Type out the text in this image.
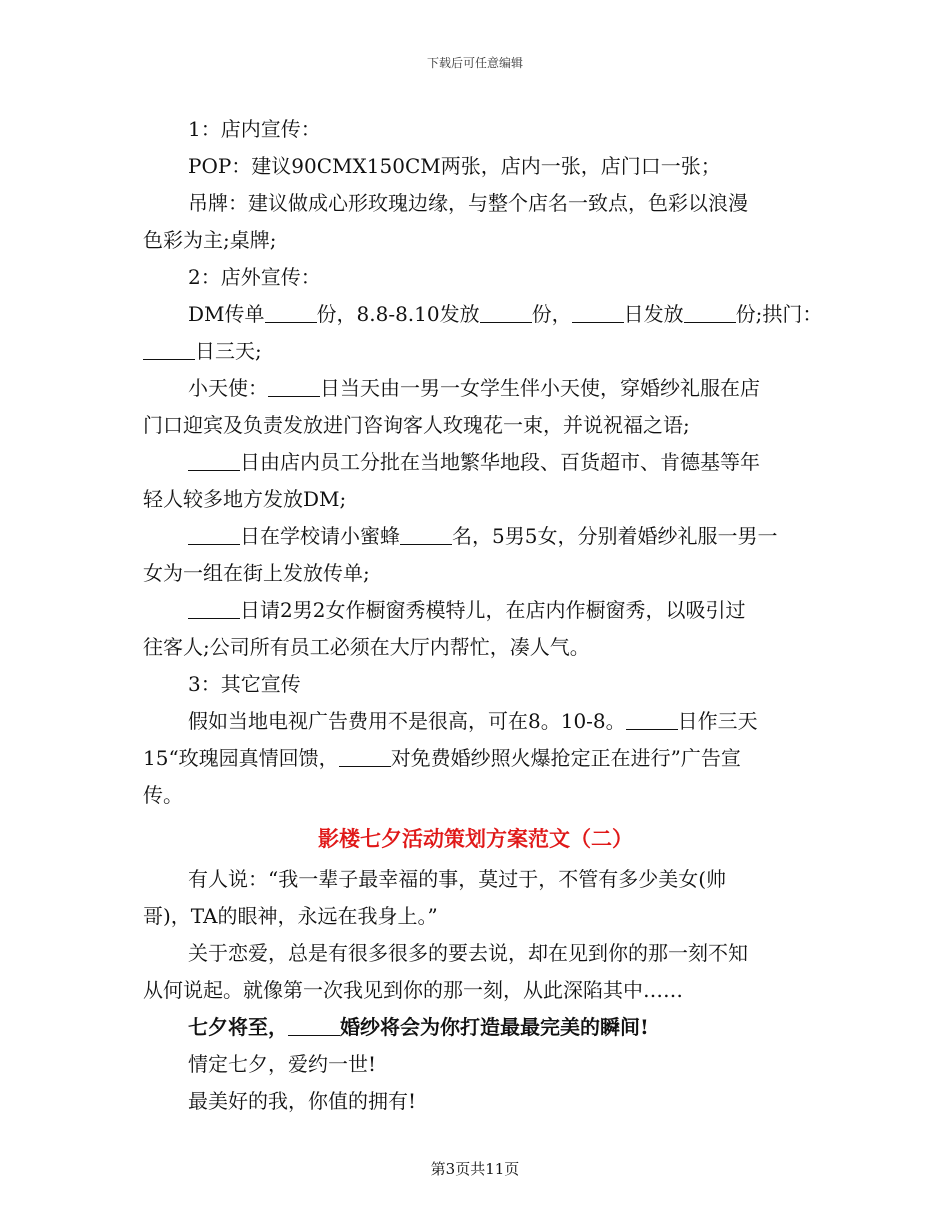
下载后可任意编辑
1：店内宣传：
POP：建议90CMX150CM两张，店内一张，店门口一张；
吊牌：建议做成心形玫瑰边缘，与整个店名一致点，色彩以浪漫
色彩为主;桌牌;
2：店外宣传：
DM传单	份，8.8-8.10发放	份，	日发放	份;拱门：
日三天;
小天使：	日当天由一男一女学生伴小天使，穿婚纱礼服在店
门口迎宾及负责发放进门咨询客人玫瑰花一束，并说祝福之语;
日由店内员工分批在当地繁华地段、百货超市、肯德基等年
轻人较多地方发放DM;
日在学校请小蜜蜂	名，5男5女，分别着婚纱礼服一男一
女为一组在街上发放传单;
日请2男2女作橱窗秀模特儿，在店内作橱窗秀，以吸引过
往客人;公司所有员工必须在大厅内帮忙，凑人气。
3：其它宣传
假如当地电视广告费用不是很高，可在8。10-8。	日作三天
15“玫瑰园真情回馈，	对免费婚纱照火爆抢定正在进行”广告宣
传。
影楼七夕活动策划方案范文（二）
有人说：“我一辈子最幸福的事，莫过于，不管有多少美女(帅
哥)，TA的眼神，永远在我身上。”
关于恋爱，总是有很多很多的要去说，却在见到你的那一刻不知
从何说起。就像第一次我见到你的那一刻，从此深陷其中……
七夕将至，	婚纱将会为你打造最最完美的瞬间!
情定七夕，爱约一世!
最美好的我，你值的拥有!
第3页共11页
